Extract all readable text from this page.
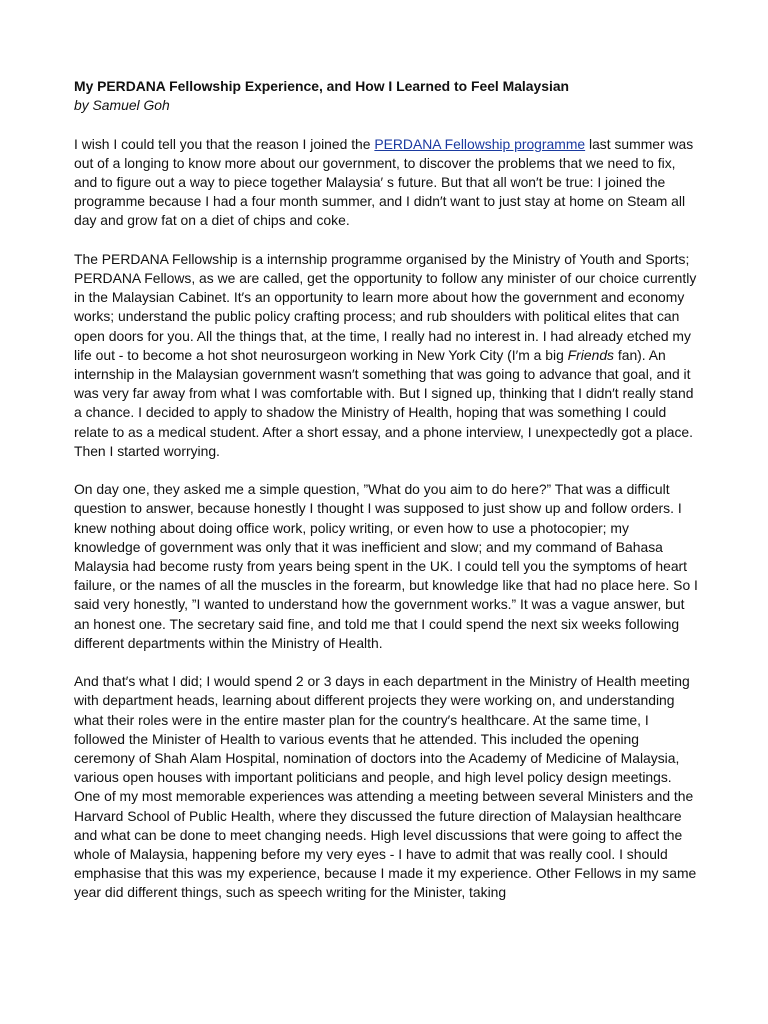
My PERDANA Fellowship Experience, and How I Learned to Feel Malaysian
by Samuel Goh

I wish I could tell you that the reason I joined the PERDANA Fellowship programme last summer was out of a longing to know more about our government, to discover the problems that we need to fix, and to figure out a way to piece together Malaysia′ s future. But that all won′t be true: I joined the programme because I had a four month summer, and I didn′t want to just stay at home on Steam all day and grow fat on a diet of chips and coke.

The PERDANA Fellowship is a internship programme organised by the Ministry of Youth and Sports; PERDANA Fellows, as we are called, get the opportunity to follow any minister of our choice currently in the Malaysian Cabinet. It′s an opportunity to learn more about how the government and economy works; understand the public policy crafting process; and rub shoulders with political elites that can open doors for you. All the things that, at the time, I really had no interest in. I had already etched my life out - to become a hot shot neurosurgeon working in New York City (I′m a big Friends fan). An internship in the Malaysian government wasn′t something that was going to advance that goal, and it was very far away from what I was comfortable with. But I signed up, thinking that I didn′t really stand a chance. I decided to apply to shadow the Ministry of Health, hoping that was something I could relate to as a medical student. After a short essay, and a phone interview, I unexpectedly got a place. Then I started worrying.

On day one, they asked me a simple question, ”What do you aim to do here?” That was a difficult question to answer, because honestly I thought I was supposed to just show up and follow orders. I knew nothing about doing office work, policy writing, or even how to use a photocopier; my knowledge of government was only that it was inefficient and slow; and my command of Bahasa Malaysia had become rusty from years being spent in the UK. I could tell you the symptoms of heart failure, or the names of all the muscles in the forearm, but knowledge like that had no place here. So I said very honestly, ”I wanted to understand how the government works.” It was a vague answer, but an honest one. The secretary said fine, and told me that I could spend the next six weeks following different departments within the Ministry of Health.

And that′s what I did; I would spend 2 or 3 days in each department in the Ministry of Health meeting with department heads, learning about different projects they were working on, and understanding what their roles were in the entire master plan for the country′s healthcare. At the same time, I followed the Minister of Health to various events that he attended. This included the opening ceremony of Shah Alam Hospital, nomination of doctors into the Academy of Medicine of Malaysia, various open houses with important politicians and people, and high level policy design meetings. One of my most memorable experiences was attending a meeting between several Ministers and the Harvard School of Public Health, where they discussed the future direction of Malaysian healthcare and what can be done to meet changing needs. High level discussions that were going to affect the whole of Malaysia, happening before my very eyes - I have to admit that was really cool. I should emphasise that this was my experience, because I made it my experience. Other Fellows in my same year did different things, such as speech writing for the Minister, taking
